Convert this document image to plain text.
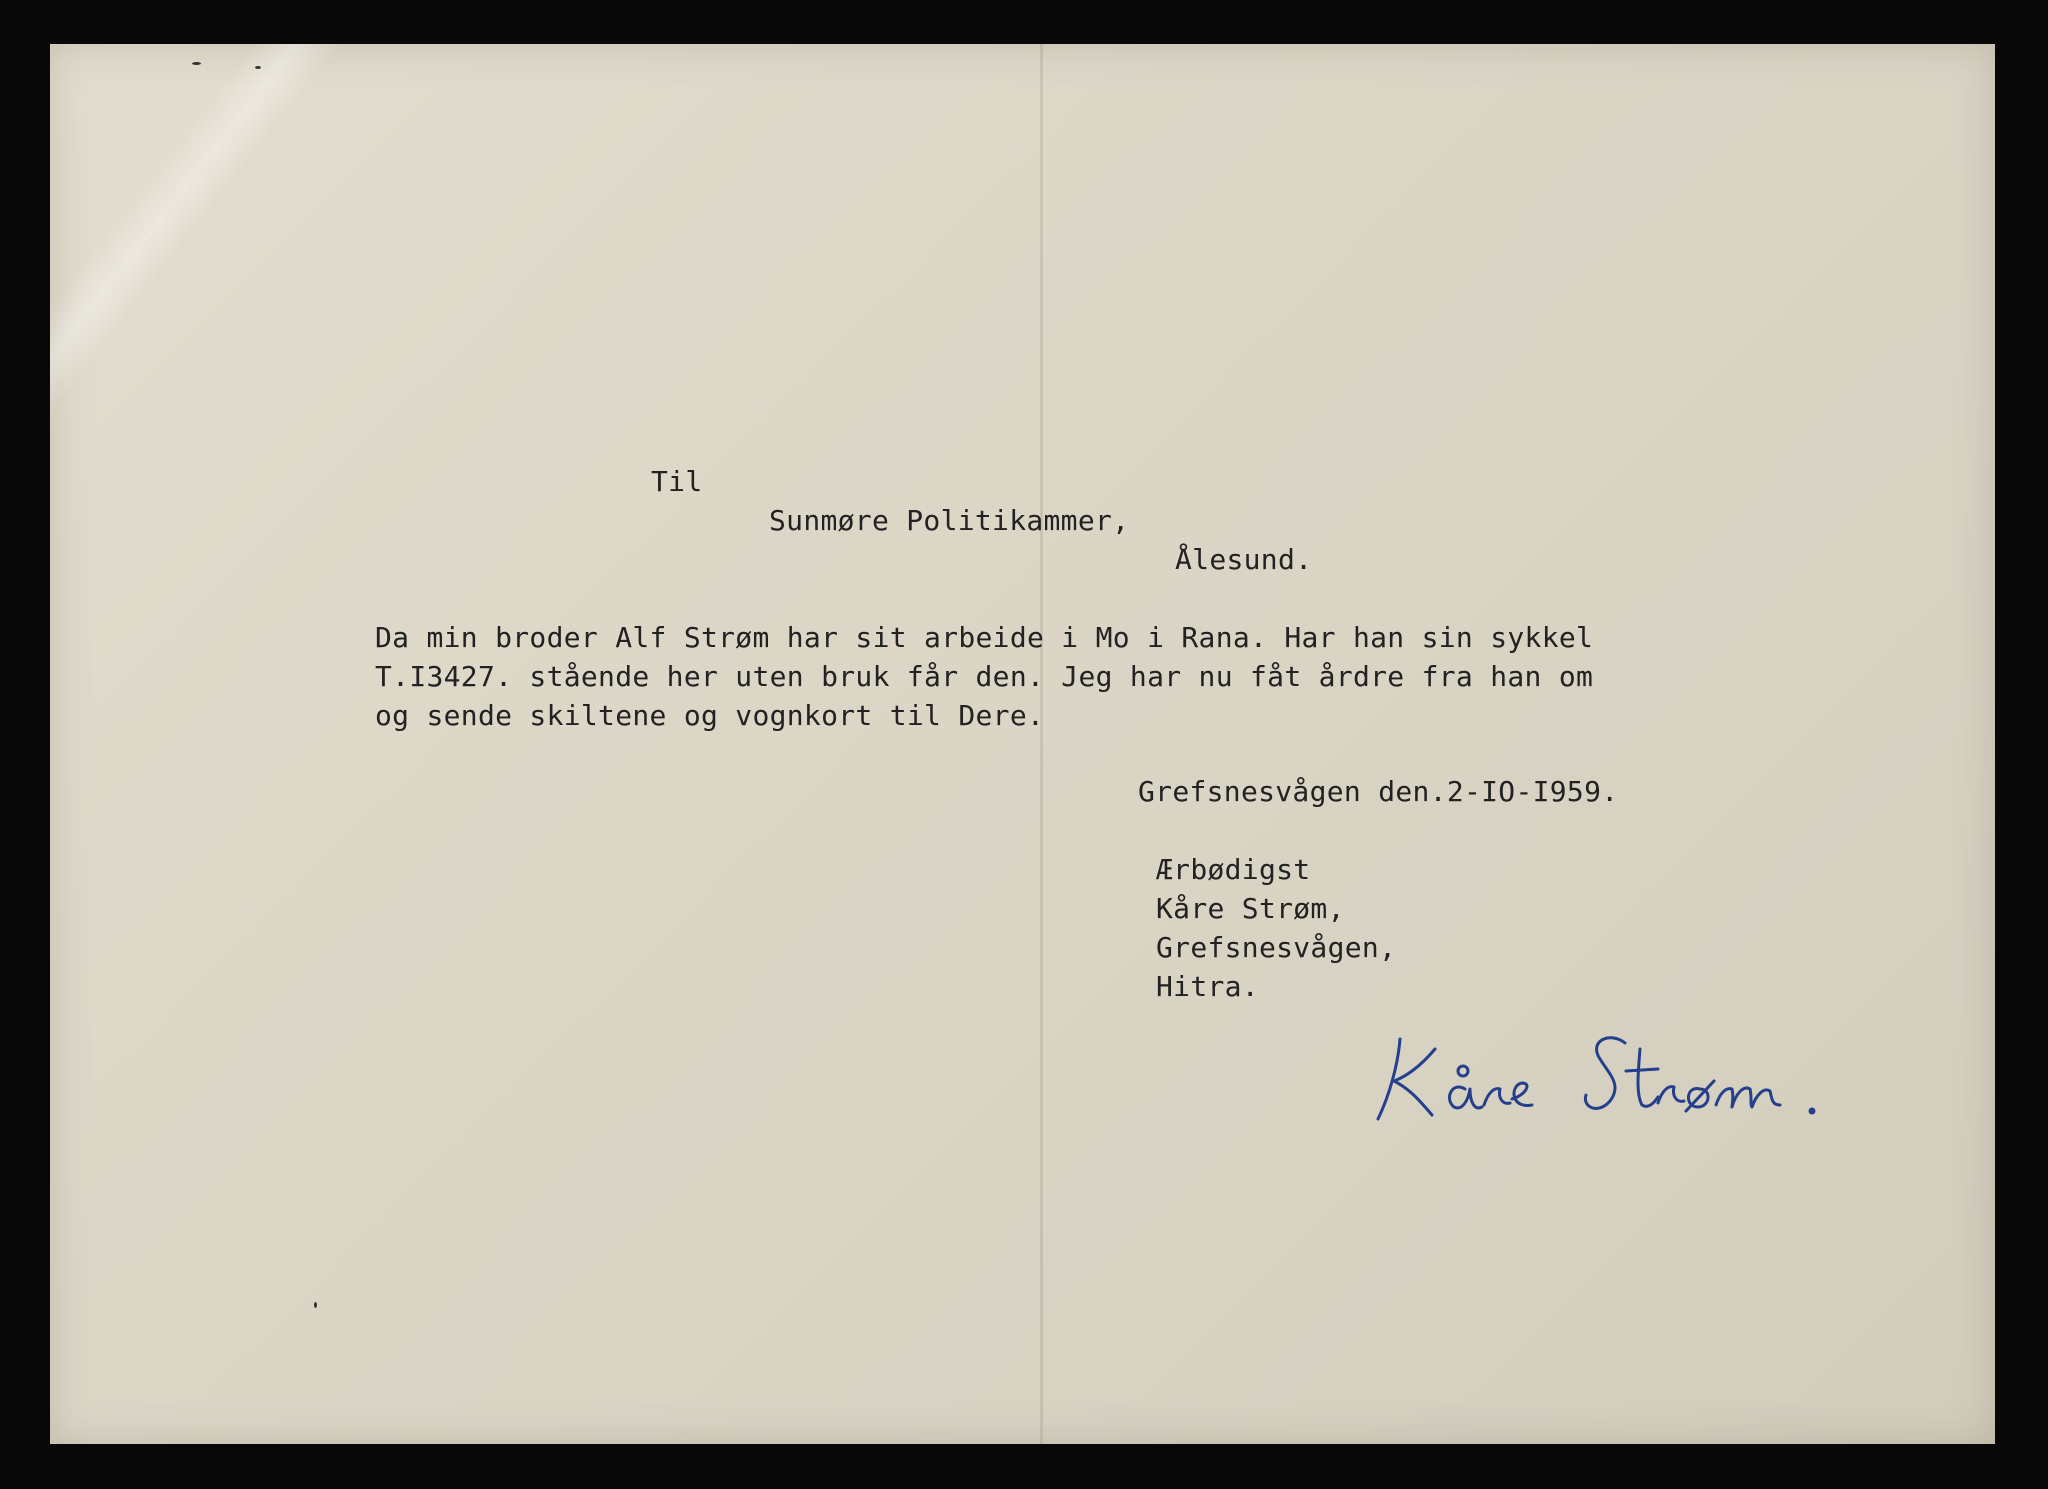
Til
Sunmøre Politikammer,
Ålesund.
Da min broder Alf Strøm har sit arbeide i Mo i Rana. Har han sin sykkel
T.I3427. stående her uten bruk får den. Jeg har nu fåt årdre fra han om
og sende skiltene og vognkort til Dere.
Grefsnesvågen den.2-IO-I959.
Ærbødigst
Kåre Strøm,
Grefsnesvågen,
Hitra.
